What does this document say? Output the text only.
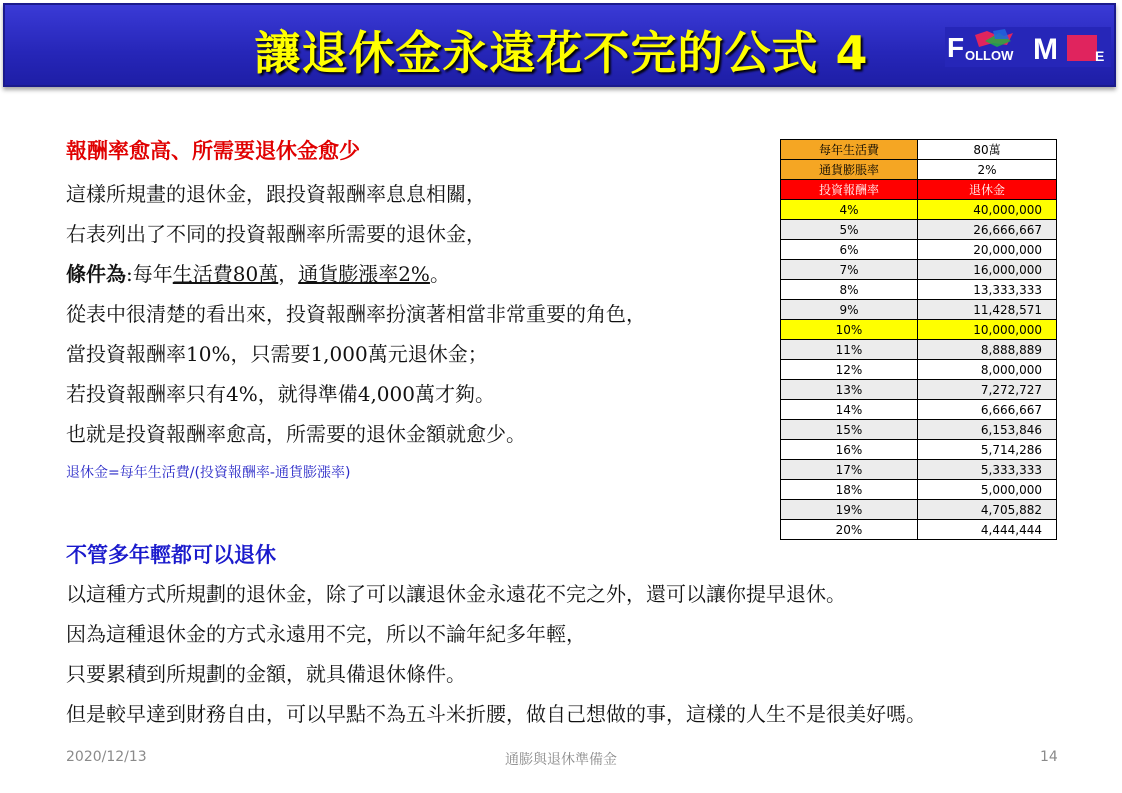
讓退休金永遠花不完的公式 4	F OLLOW M	E
報酬率愈高、所需要退休金愈少
這樣所規畫的退休金，跟投資報酬率息息相關，
右表列出了不同的投資報酬率所需要的退休金，
條件為:每年生活費80萬，通貨膨漲率2%。
從表中很清楚的看出來，投資報酬率扮演著相當非常重要的角色，
當投資報酬率10%，只需要1,000萬元退休金；
若投資報酬率只有4%，就得準備4,000萬才夠。
也就是投資報酬率愈高，所需要的退休金額就愈少。
退休金=每年生活費/(投資報酬率-通貨膨漲率)
每年生活費	80萬
通貨膨脹率	2%
投資報酬率	退休金
4%	40,000,000
5%	26,666,667
6%	20,000,000
7%	16,000,000
8%	13,333,333
9%	11,428,571
10%	10,000,000
11%	8,888,889
12%	8,000,000
13%	7,272,727
14%	6,666,667
15%	6,153,846
16%	5,714,286
17%	5,333,333
18%	5,000,000
19%	4,705,882
20%	4,444,444
以這種方式所規劃的退休金，除了可以讓退休金永遠花不完之外，還可以讓你提早退休。
不管多年輕都可以退休
因為這種退休金的方式永遠用不完，所以不論年紀多年輕，
只要累積到所規劃的金額，就具備退休條件。
但是較早達到財務自由，可以早點不為五斗米折腰，做自己想做的事，這樣的人生不是很美好嗎。
2020/12/13	通膨與退休準備金	14
